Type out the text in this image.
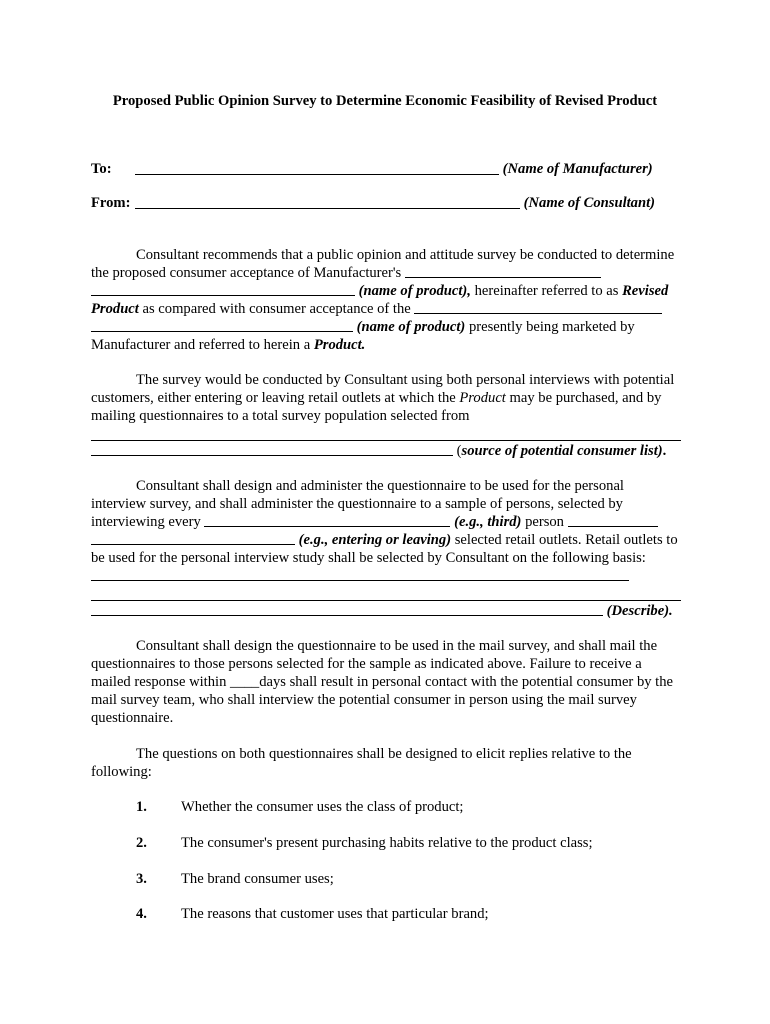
Proposed Public Opinion Survey to Determine Economic Feasibility of Revised Product
To:	(Name of Manufacturer)
From:	(Name of Consultant)

Consultant recommends that a public opinion and attitude survey be conducted to determine the proposed consumer acceptance of Manufacturer's   (name of product), hereinafter referred to as Revised Product as compared with consumer acceptance of the   (name of product) presently being marketed by Manufacturer and referred to herein a Product.

The survey would be conducted by Consultant using both personal interviews with potential customers, either entering or leaving retail outlets at which the Product may be purchased, and by mailing questionnaires to a total survey population selected from

(source of potential consumer list).

Consultant shall design and administer the questionnaire to be used for the personal interview survey, and shall administer the questionnaire to a sample of persons, selected by interviewing every	(e.g., third) person   (e.g., entering or leaving) selected retail outlets. Retail outlets to be used for the personal interview study shall be selected by Consultant on the following basis:

(Describe).

Consultant shall design the questionnaire to be used in the mail survey, and shall mail the questionnaires to those persons selected for the sample as indicated above. Failure to receive a mailed response within ____days shall result in personal contact with the potential consumer by the mail survey team, who shall interview the potential consumer in person using the mail survey questionnaire.

The questions on both questionnaires shall be designed to elicit replies relative to the following:

1. Whether the consumer uses the class of product;
2. The consumer's present purchasing habits relative to the product class;
3. The brand consumer uses;
4. The reasons that customer uses that particular brand;
